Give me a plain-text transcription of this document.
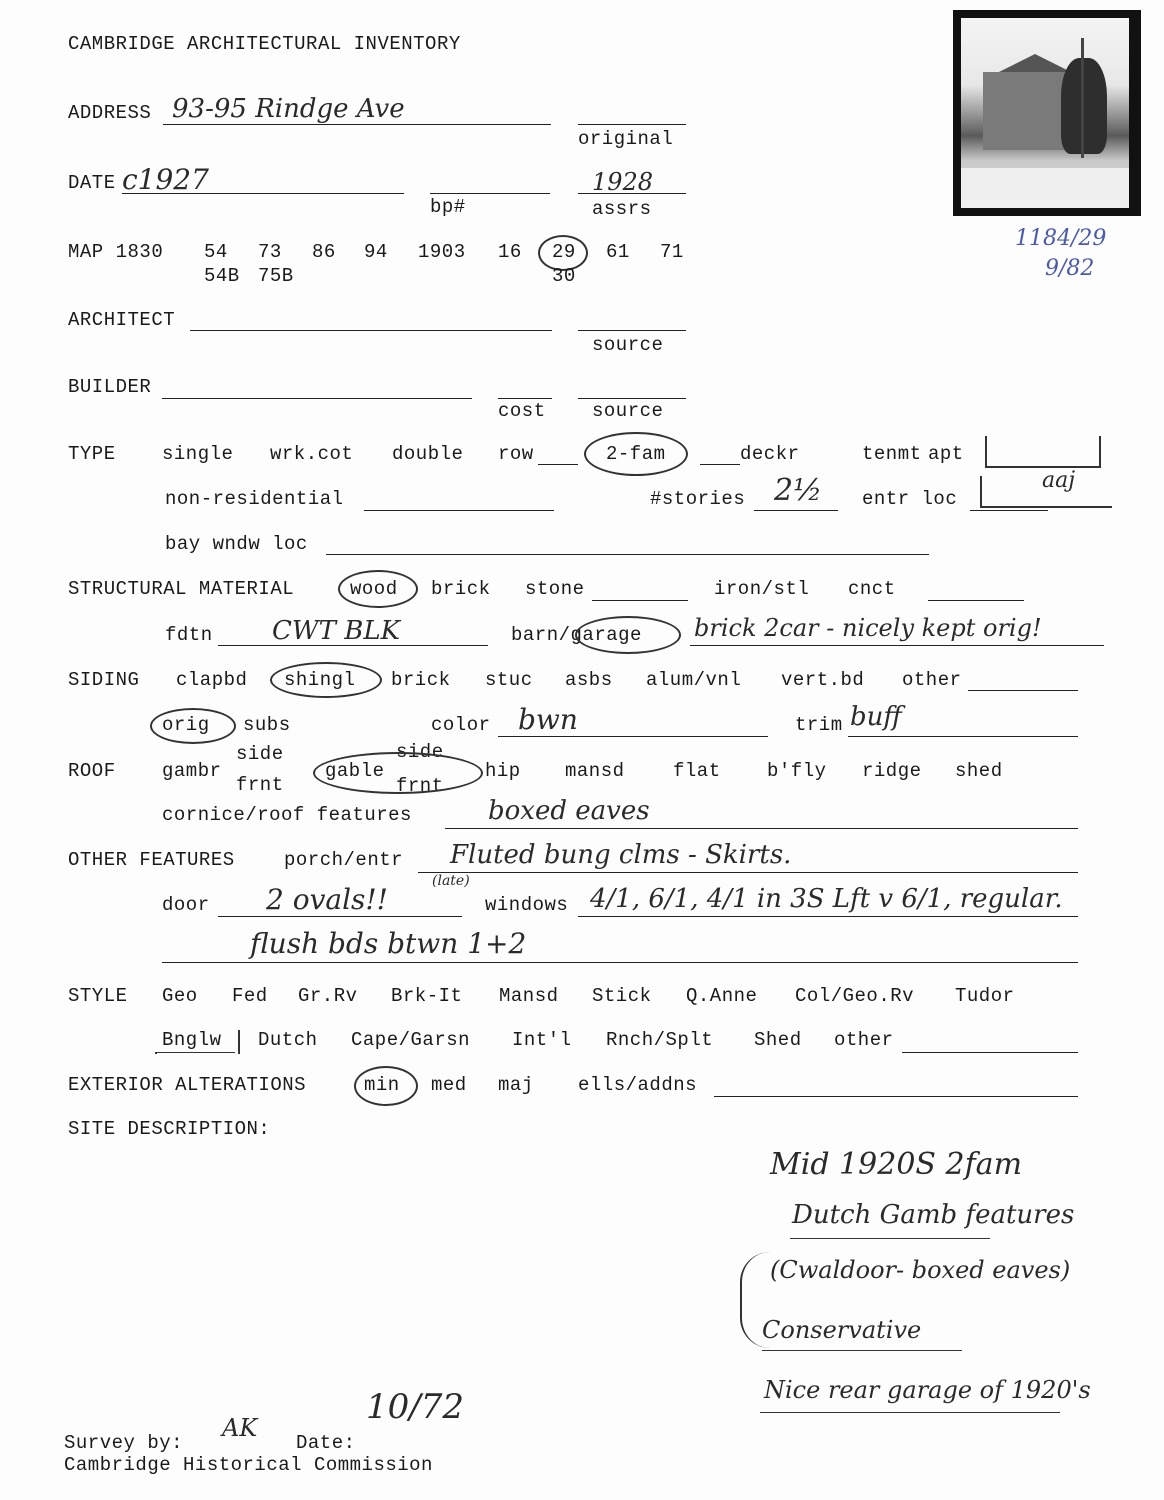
CAMBRIDGE ARCHITECTURAL INVENTORY
ADDRESS 93-95 Rindge Ave
original
DATE c1927
bp#
1928
assrs
1184/29
9/82
MAP 1830 54 73 86 94 1903 16 29 61 71
54B 75B	30
ARCHITECT
source
BUILDER
cost source
TYPE single wrk.cot double row	2-fam	deckr	tenmt apt
non-residential	#stories 2½ entr loc
aaj
bay wndw loc
STRUCTURAL MATERIAL	wood brick stone	iron/stl cnct
fdtn CWT BLK	barn/garage brick 2car - nicely kept orig!
SIDING clapbd shingl brick stuc asbs alum/vnl vert.bd other
orig subs	color bwn	trim buff
ROOF gambr
side
frnt
gable
side
frnt
hip mansd	flat b'fly ridge shed
cornice/roof features	boxed eaves
OTHER FEATURES	porch/entr Fluted bung clms - Skirts.
door 2 ovals!!
(late)
windows 4/1, 6/1, 4/1 in 3S Lft v 6/1, regular.
flush bds btwn 1+2
STYLE Geo Fed Gr.Rv Brk-It Mansd Stick Q.Anne Col/Geo.Rv Tudor
Bnglw Dutch Cape/Garsn Int'l Rnch/Splt Shed other
EXTERIOR ALTERATIONS	min med maj ells/addns
SITE DESCRIPTION:
Mid 1920S 2fam
Dutch Gamb features
(Cwaldoor- boxed eaves)
Conservative
Nice rear garage of 1920's
Survey by:
AK
Date:
10/72
Cambridge Historical Commission
